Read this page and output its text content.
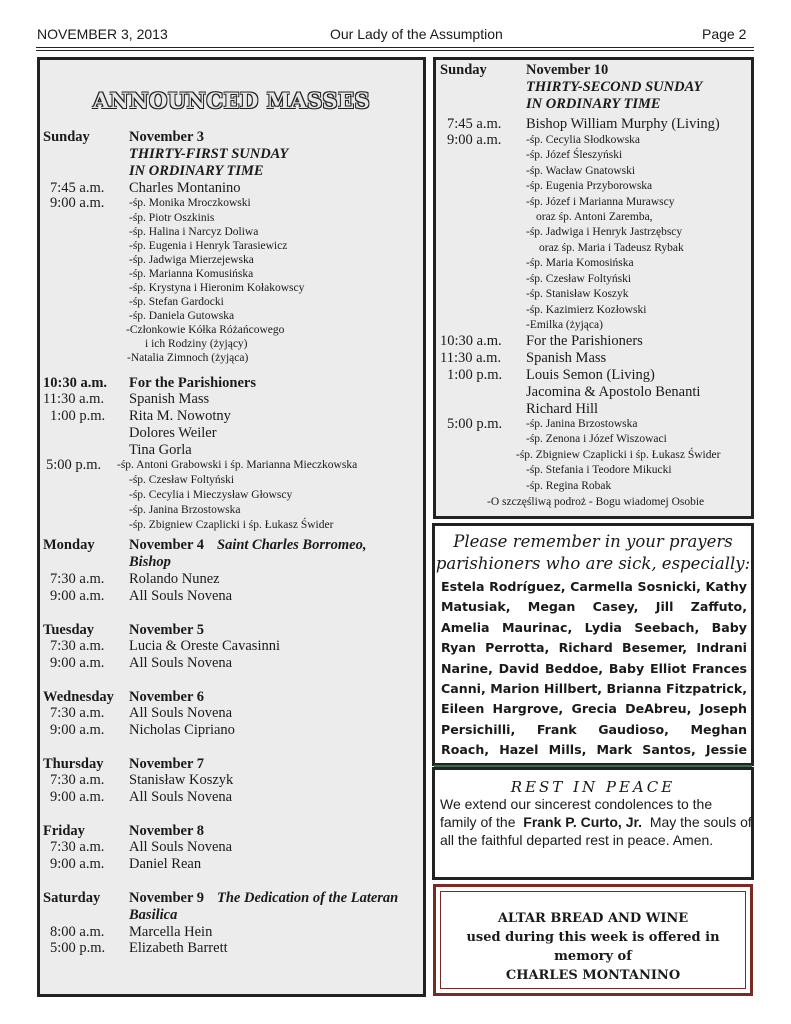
NOVEMBER 3, 2013	Our Lady of the Assumption	Page 2
ANNOUNCED MASSES
Sunday	November 3
THIRTY-FIRST SUNDAY
IN ORDINARY TIME
7:45 a.m. Charles Montanino
9:00 a.m. -śp. Monika Mroczkowski
-śp. Piotr Oszkinis
-śp. Halina i Narcyz Doliwa
-śp. Eugenia i Henryk Tarasiewicz
-śp. Jadwiga Mierzejewska
-śp. Marianna Komusińska
-śp. Krystyna i Hieronim Kołakowscy
-śp. Stefan Gardocki
-śp. Daniela Gutowska
-Członkowie Kółka Różańcowego
i ich Rodziny (żyjący)
-Natalia Zimnoch (żyjąca)
10:30 a.m. For the Parishioners
11:30 a.m. Spanish Mass
1:00 p.m. Rita M. Nowotny
Dolores Weiler
Tina Gorla
5:00 p.m. -śp. Antoni Grabowski i śp. Marianna Mieczkowska
-śp. Czesław Foltyński
-śp. Cecylia i Mieczysław Głowscy
-śp. Janina Brzostowska
-śp. Zbigniew Czaplicki i śp. Łukasz Świder
Monday November 4 Saint Charles Borromeo,
Bishop
7:30 a.m. Rolando Nunez
9:00 a.m. All Souls Novena
Tuesday November 5
7:30 a.m. Lucia & Oreste Cavasinni
9:00 a.m. All Souls Novena
Wednesday November 6
7:30 a.m. All Souls Novena
9:00 a.m. Nicholas Cipriano
Thursday November 7
7:30 a.m. Stanisław Koszyk
9:00 a.m. All Souls Novena
Friday	November 8
7:30 a.m. All Souls Novena
9:00 a.m. Daniel Rean
Saturday November 9 The Dedication of the Lateran
Basilica
8:00 a.m. Marcella Hein
5:00 p.m. Elizabeth Barrett
Sunday	November 10
THIRTY-SECOND SUNDAY
IN ORDINARY TIME
7:45 a.m. Bishop William Murphy (Living)
9:00 a.m. -śp. Cecylia Słodkowska
-śp. Józef Śleszyński
-śp. Wacław Gnatowski
-śp. Eugenia Przyborowska
-śp. Józef i Marianna Murawscy
oraz śp. Antoni Zaremba,
-śp. Jadwiga i Henryk Jastrzębscy
oraz śp. Maria i Tadeusz Rybak
-śp. Maria Komosińska
-śp. Czesław Foltyński
-śp. Stanisław Koszyk
-śp. Kazimierz Kozłowski
-Emilka (żyjąca)
10:30 a.m. For the Parishioners
11:30 a.m. Spanish Mass
1:00 p.m. Louis Semon (Living)
Jacomina & Apostolo Benanti
Richard Hill
5:00 p.m. -śp. Janina Brzostowska
-śp. Zenona i Józef Wiszowaci
-śp. Zbigniew Czaplicki i śp. Łukasz Świder
-śp. Stefania i Teodore Mikucki
-śp. Regina Robak
-O szczęśliwą podroż - Bogu wiadomej Osobie
Please remember in your prayers
parishioners who are sick, especially:
Estela Rodríguez, Carmella Sosnicki, Kathy Matusiak, Megan Casey, Jill Zaffuto, Amelia Maurinac, Lydia Seebach, Baby Ryan Perrotta, Richard Besemer, Indrani Narine, David Beddoe, Baby Elliot Frances Canni, Marion Hillbert, Brianna Fitzpatrick, Eileen Hargrove, Grecia DeAbreu, Joseph Persichilli, Frank Gaudioso, Meghan Roach, Hazel Mills, Mark Santos, Jessie
REST IN PEACE
We extend our sincerest condolences to the family of the Frank P. Curto, Jr. May the souls of all the faithful departed rest in peace. Amen.
ALTAR BREAD AND WINE
used during this week is offered in
memory of
CHARLES MONTANINO
